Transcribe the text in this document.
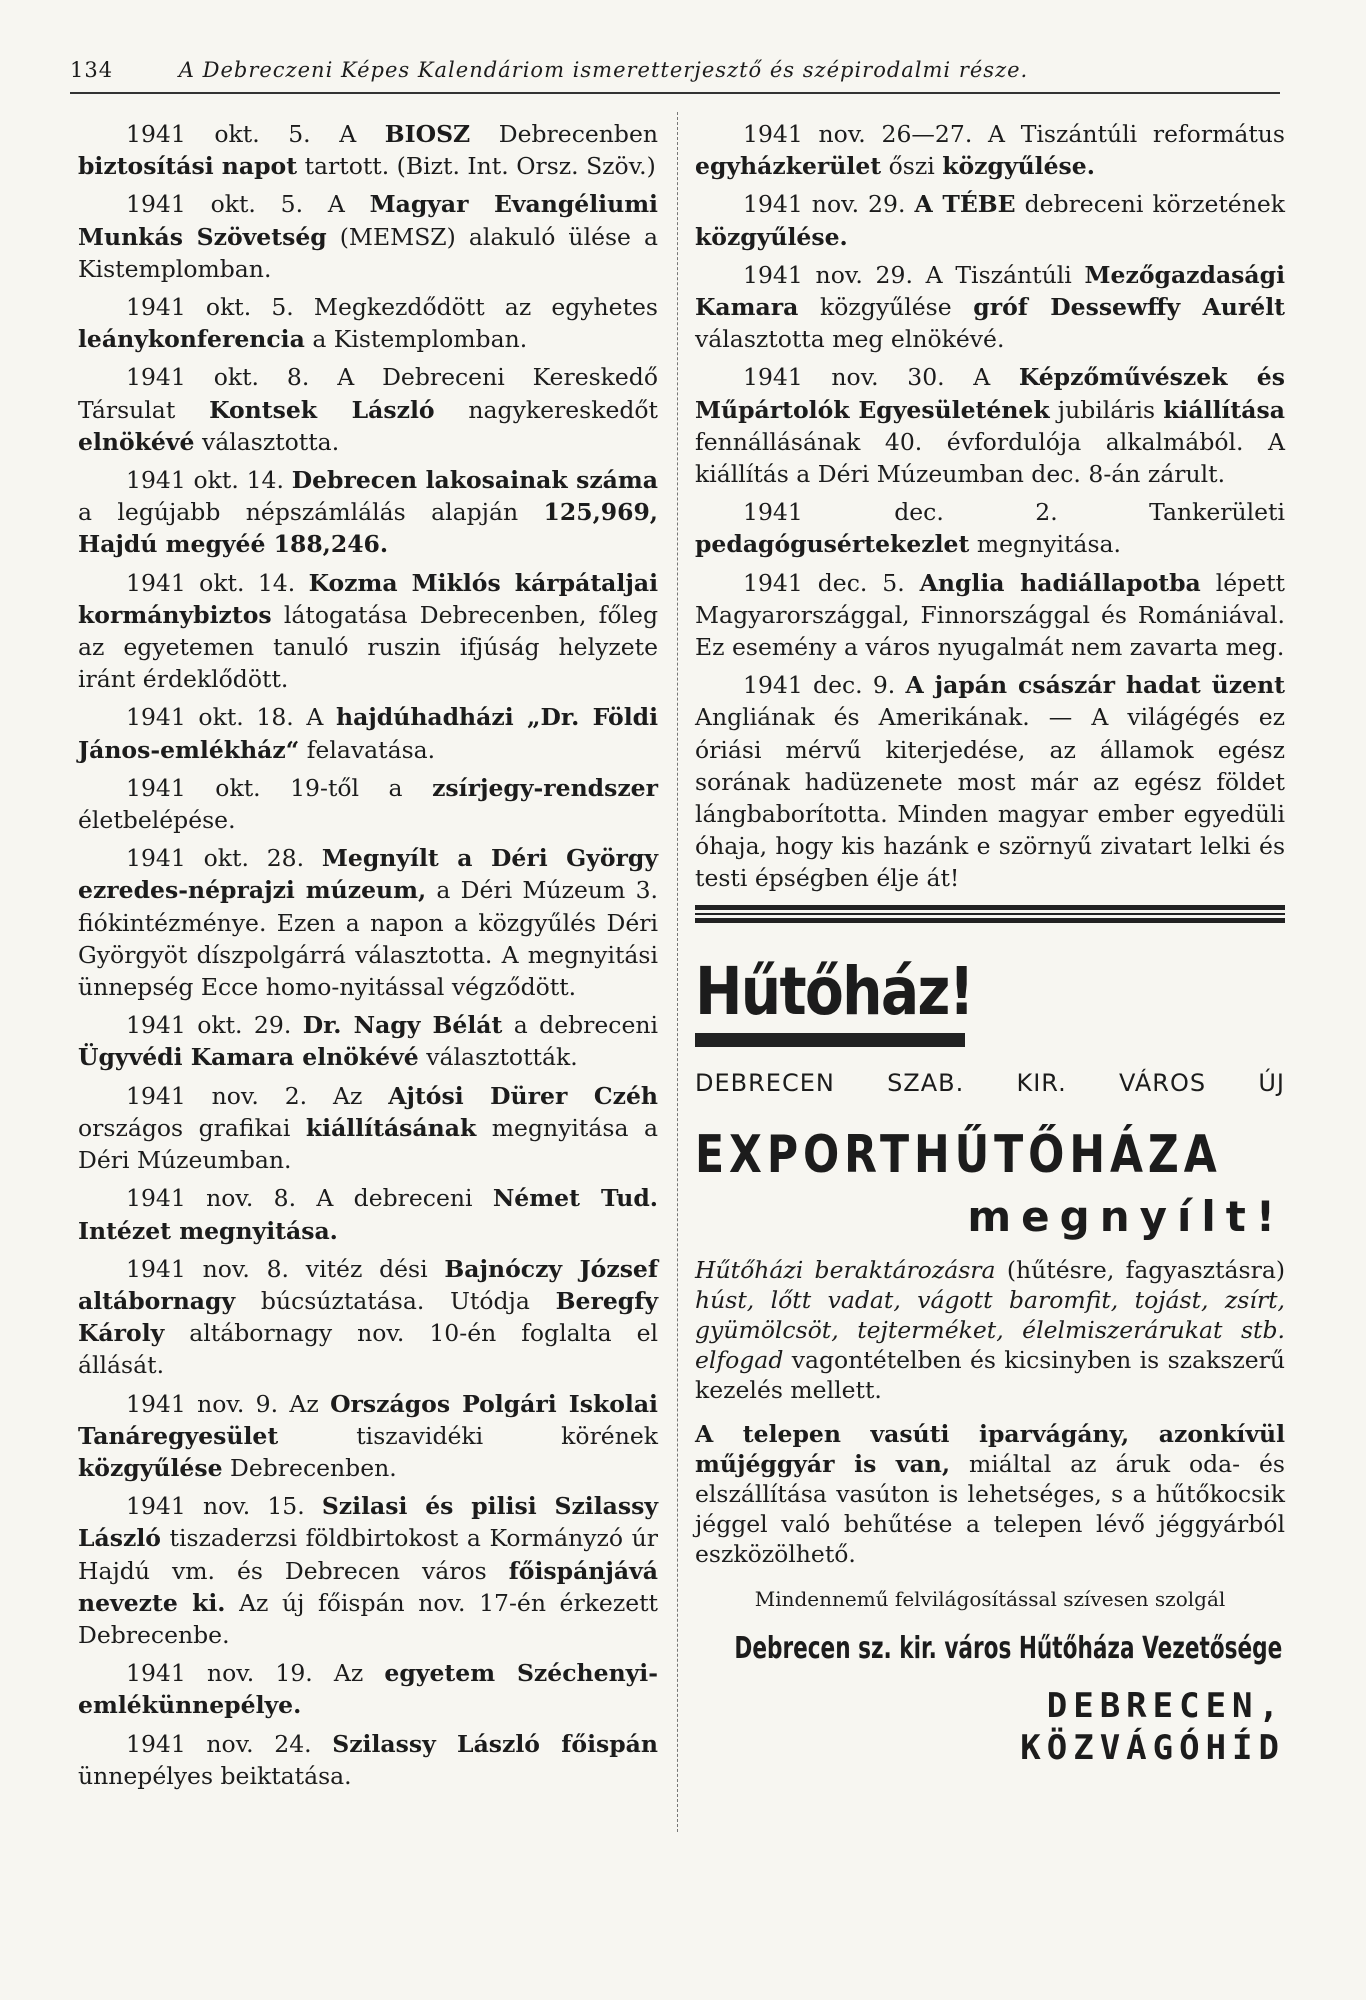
134	A Debreczeni Képes Kalendáriom ismeretterjesztő és szépirodalmi része.

1941 okt. 5. A BIOSZ Debrecenben biztosítási napot tartott. (Bizt. Int. Orsz. Szöv.)

1941 okt. 5. A Magyar Evangéliumi Munkás Szövetség (MEMSZ) alakuló ülése a Kistemplomban.

1941 okt. 5. Megkezdődött az egyhetes leánykonferencia a Kistemplomban.

1941 okt. 8. A Debreceni Kereskedő Társulat Kontsek László nagykereskedőt elnökévé választotta.

1941 okt. 14. Debrecen lakosainak száma a legújabb népszámlálás alapján 125,969, Hajdú megyéé 188,246.

1941 okt. 14. Kozma Miklós kárpátaljai kormánybiztos látogatása Debrecenben, főleg az egyetemen tanuló ruszin ifjúság helyzete iránt érdeklődött.

1941 okt. 18. A hajdúhadházi „Dr. Földi János-emlékház“ felavatása.

1941 okt. 19-től a zsírjegy-rendszer életbelépése.

1941 okt. 28. Megnyílt a Déri György ezredes-néprajzi múzeum, a Déri Múzeum 3. fiókintézménye. Ezen a napon a közgyűlés Déri Györgyöt díszpolgárrá választotta. A megnyitási ünnepség Ecce homo-nyitással végződött.

1941 okt. 29. Dr. Nagy Bélát a debreceni Ügyvédi Kamara elnökévé választották.

1941 nov. 2. Az Ajtósi Dürer Czéh országos grafikai kiállításának megnyitása a Déri Múzeumban.

1941 nov. 8. A debreceni Német Tud. Intézet megnyitása.

1941 nov. 8. vitéz dési Bajnóczy József altábornagy búcsúztatása. Utódja Beregfy Károly altábornagy nov. 10-én foglalta el állását.

1941 nov. 9. Az Országos Polgári Iskolai Tanáregyesület tiszavidéki körének közgyűlése Debrecenben.

1941 nov. 15. Szilasi és pilisi Szilassy László tiszaderzsi földbirtokost a Kormányzó úr Hajdú vm. és Debrecen város főispánjává nevezte ki. Az új főispán nov. 17-én érkezett Debrecenbe.

1941 nov. 19. Az egyetem Széchenyi-emlékünnepélye.

1941 nov. 24. Szilassy László főispán ünnepélyes beiktatása.

1941 nov. 26—27. A Tiszántúli református egyházkerület őszi közgyűlése.

1941 nov. 29. A TÉBE debreceni körzetének közgyűlése.

1941 nov. 29. A Tiszántúli Mezőgazdasági Kamara közgyűlése gróf Dessewffy Aurélt választotta meg elnökévé.

1941 nov. 30. A Képzőművészek és Műpártolók Egyesületének jubiláris kiállítása fennállásának 40. évfordulója alkalmából. A kiállítás a Déri Múzeumban dec. 8-án zárult.

1941 dec. 2. Tankerületi pedagógusértekezlet megnyitása.

1941 dec. 5. Anglia hadiállapotba lépett Magyarországgal, Finnországgal és Romániával. Ez esemény a város nyugalmát nem zavarta meg.

1941 dec. 9. A japán császár hadat üzent Angliának és Amerikának. — A világégés ez óriási mérvű kiterjedése, az államok egész sorának hadüzenete most már az egész földet lángbaborította. Minden magyar ember egyedüli óhaja, hogy kis hazánk e szörnyű zivatart lelki és testi épségben élje át!

Hűtőház!
DEBRECEN SZAB. KIR. VÁROS ÚJ
EXPORTHŰTŐHÁZA
megnyílt!

Hűtőházi beraktározásra (hűtésre, fagyasztásra) húst, lőtt vadat, vágott baromfit, tojást, zsírt, gyümölcsöt, tejterméket, élelmiszerárukat stb. elfogad vagontételben és kicsinyben is szakszerű kezelés mellett.

A telepen vasúti iparvágány, azonkívül műjéggyár is van, miáltal az áruk oda- és elszállítása vasúton is lehetséges, s a hűtőkocsik jéggel való behűtése a telepen lévő jéggyárból eszközölhető.

Mindennemű felvilágosítással szívesen szolgál
Debrecen sz. kir. város Hűtőháza Vezetősége
DEBRECEN,
KÖZVÁGÓHÍD
